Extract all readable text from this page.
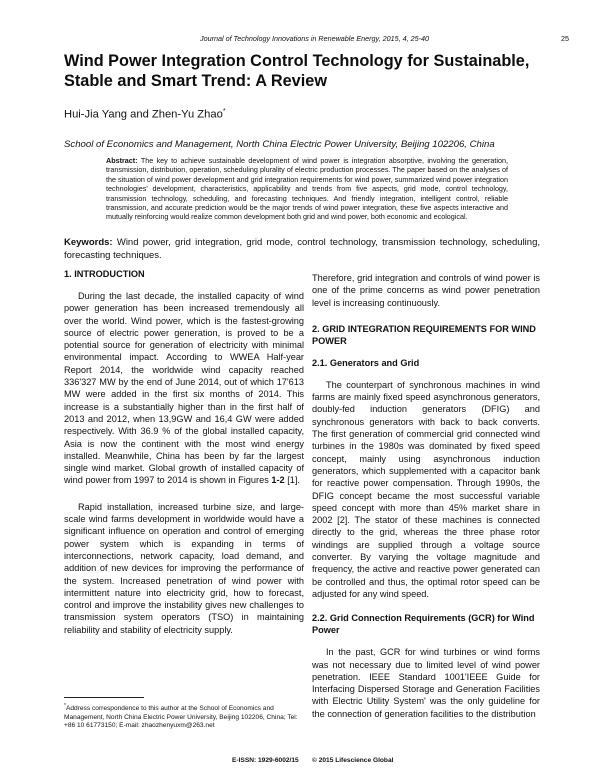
Journal of Technology Innovations in Renewable Energy, 2015, 4, 25-40	25
Wind Power Integration Control Technology for Sustainable, Stable and Smart Trend: A Review
Hui-Jia Yang and Zhen-Yu Zhao*
School of Economics and Management, North China Electric Power University, Beijing 102206, China
Abstract: The key to achieve sustainable development of wind power is integration absorptive, involving the generation, transmission, distribution, operation, scheduling plurality of electric production processes. The paper based on the analyses of the situation of wind power development and grid integration requirements for wind power, summarized wind power integration technologies' development, characteristics, applicability and trends from five aspects, grid mode, control technology, transmission technology, scheduling, and forecasting techniques. And friendly integration, intelligent control, reliable transmission, and accurate prediction would be the major trends of wind power integration, these five aspects interactive and mutually reinforcing would realize common development both grid and wind power, both economic and ecological.
Keywords: Wind power, grid integration, grid mode, control technology, transmission technology, scheduling, forecasting techniques.
1. INTRODUCTION

During the last decade, the installed capacity of wind power generation has been increased tremendously all over the world. Wind power, which is the fastest-growing source of electric power generation, is proved to be a potential source for generation of electricity with minimal environmental impact. According to WWEA Half-year Report 2014, the worldwide wind capacity reached 336'327 MW by the end of June 2014, out of which 17'613 MW were added in the first six months of 2014. This increase is a substantially higher than in the first half of 2013 and 2012, when 13,9GW and 16,4 GW were added respectively. With 36.9 % of the global installed capacity, Asia is now the continent with the most wind energy installed. Meanwhile, China has been by far the largest single wind market. Global growth of installed capacity of wind power from 1997 to 2014 is shown in Figures 1-2 [1].

Rapid installation, increased turbine size, and large-scale wind farms development in worldwide would have a significant influence on operation and control of emerging power system which is expanding in terms of interconnections, network capacity, load demand, and addition of new devices for improving the performance of the system. Increased penetration of wind power with intermittent nature into electricity grid, how to forecast, control and improve the instability gives new challenges to transmission system operators (TSO) in maintaining reliability and stability of electricity supply.

Therefore, grid integration and controls of wind power is one of the prime concerns as wind power penetration level is increasing continuously.

2. GRID INTEGRATION REQUIREMENTS FOR WIND POWER
2.1. Generators and Grid

The counterpart of synchronous machines in wind farms are mainly fixed speed asynchronous generators, doubly-fed induction generators (DFIG) and synchronous generators with back to back converts. The first generation of commercial grid connected wind turbines in the 1980s was dominated by fixed speed concept, mainly using asynchronous induction generators, which supplemented with a capacitor bank for reactive power compensation. Through 1990s, the DFIG concept became the most successful variable speed concept with more than 45% market share in 2002 [2]. The stator of these machines is connected directly to the grid, whereas the three phase rotor windings are supplied through a voltage source converter. By varying the voltage magnitude and frequency, the active and reactive power generated can be controlled and thus, the optimal rotor speed can be adjusted for any wind speed.

2.2. Grid Connection Requirements (GCR) for Wind Power

In the past, GCR for wind turbines or wind forms was not necessary due to limited level of wind power penetration. IEEE Standard 1001'IEEE Guide for Interfacing Dispersed Storage and Generation Facilities with Electric Utility System' was the only guideline for the connection of generation facilities to the distribution

*Address correspondence to this author at the School of Economics and Management, North China Electric Power University, Beijing 102206, China; Tel: +86 10 61773150; E-mail: zhaozhenyuxm@263.net
E-ISSN: 1929-6002/15 © 2015 Lifescience Global
